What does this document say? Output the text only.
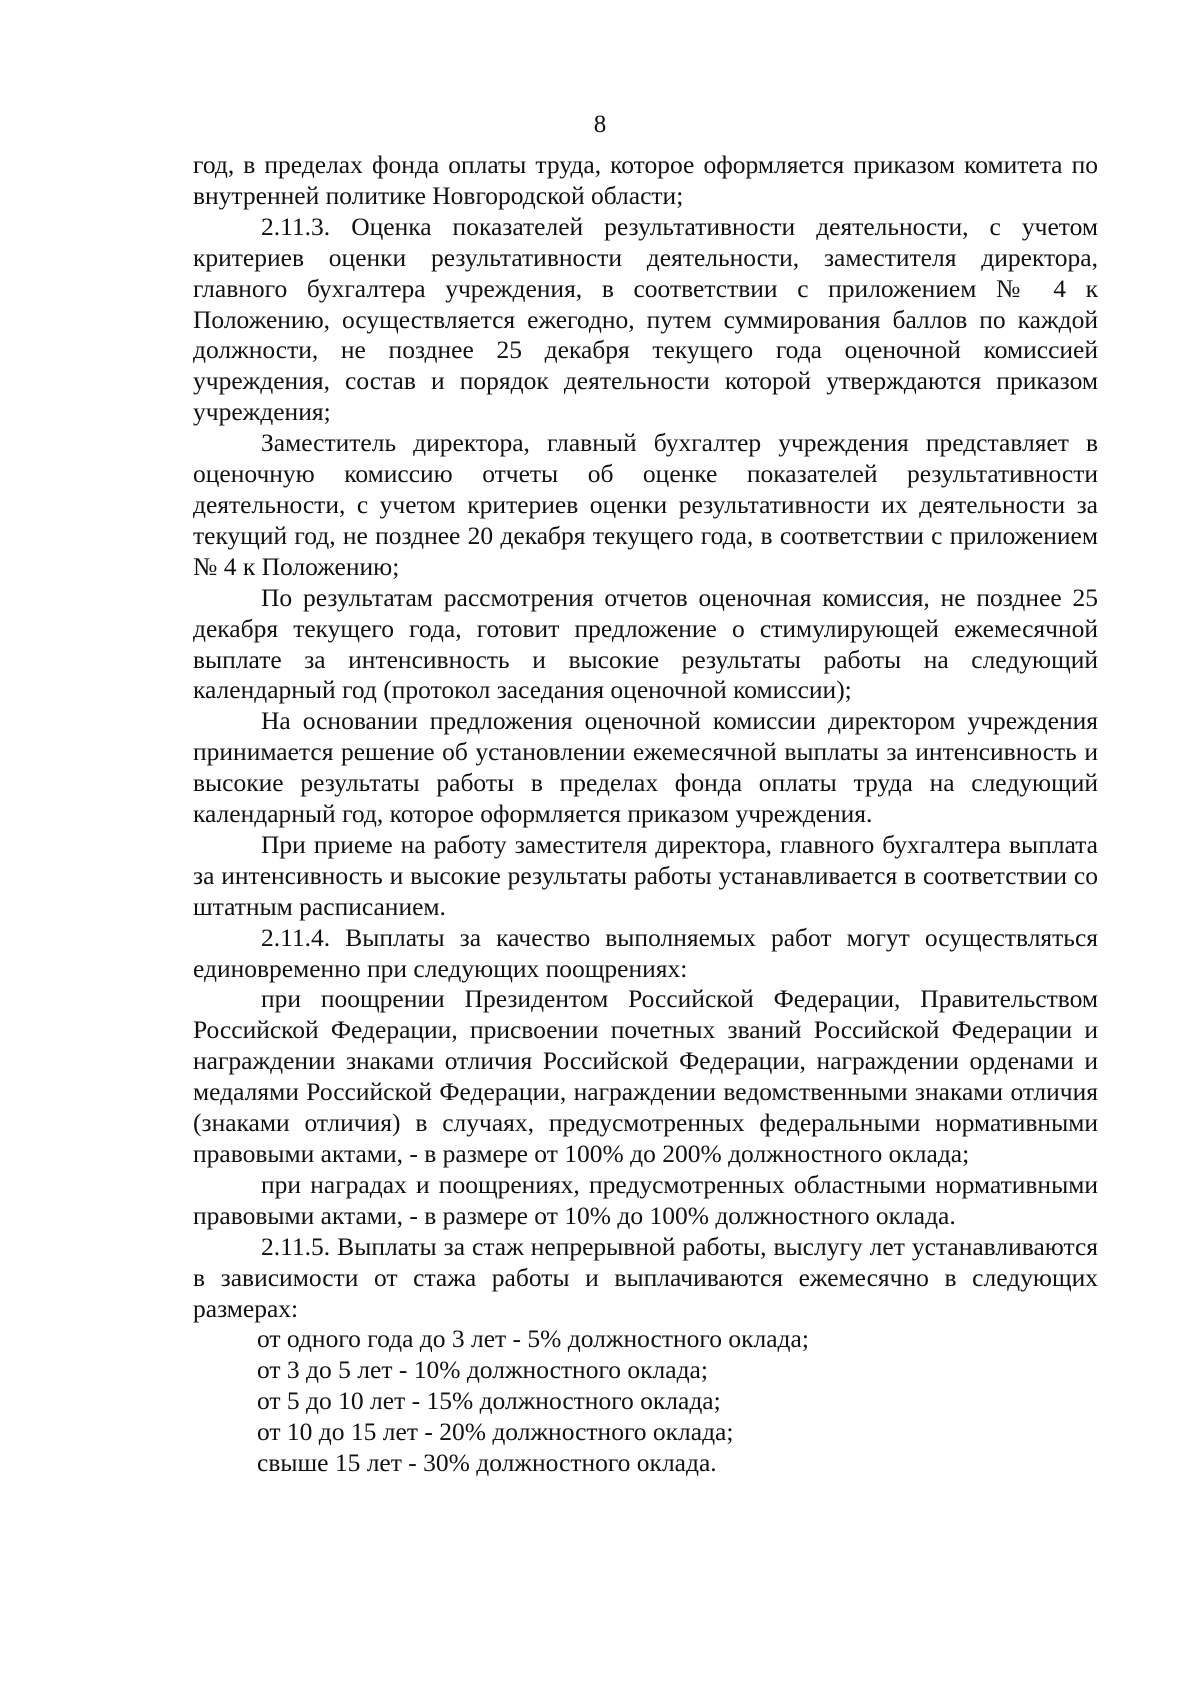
8

год, в пределах фонда оплаты труда, которое оформляется приказом комитета по внутренней политике Новгородской области;

2.11.3. Оценка показателей результативности деятельности, с учетом критериев оценки результативности деятельности, заместителя директора, главного бухгалтера учреждения, в соответствии с приложением № 4 к Положению, осуществляется ежегодно, путем суммирования баллов по каждой должности, не позднее 25 декабря текущего года оценочной комиссией учреждения, состав и порядок деятельности которой утверждаются приказом учреждения;

Заместитель директора, главный бухгалтер учреждения представляет в оценочную комиссию отчеты об оценке показателей результативности деятельности, с учетом критериев оценки результативности их деятельности за текущий год, не позднее 20 декабря текущего года, в соответствии с приложением № 4 к Положению;

По результатам рассмотрения отчетов оценочная комиссия, не позднее 25 декабря текущего года, готовит предложение о стимулирующей ежемесячной выплате за интенсивность и высокие результаты работы на следующий календарный год (протокол заседания оценочной комиссии);

На основании предложения оценочной комиссии директором учреждения принимается решение об установлении ежемесячной выплаты за интенсивность и высокие результаты работы в пределах фонда оплаты труда на следующий календарный год, которое оформляется приказом учреждения.

При приеме на работу заместителя директора, главного бухгалтера выплата за интенсивность и высокие результаты работы устанавливается в соответствии со штатным расписанием.

2.11.4. Выплаты за качество выполняемых работ могут осуществляться единовременно при следующих поощрениях:

при поощрении Президентом Российской Федерации, Правительством Российской Федерации, присвоении почетных званий Российской Федерации и награждении знаками отличия Российской Федерации, награждении орденами и медалями Российской Федерации, награждении ведомственными знаками отличия (знаками отличия) в случаях, предусмотренных федеральными нормативными правовыми актами, - в размере от 100% до 200% должностного оклада;

при наградах и поощрениях, предусмотренных областными нормативными правовыми актами, - в размере от 10% до 100% должностного оклада.

2.11.5. Выплаты за стаж непрерывной работы, выслугу лет устанавливаются в зависимости от стажа работы и выплачиваются ежемесячно в следующих размерах:

от одного года до 3 лет - 5% должностного оклада;

от 3 до 5 лет - 10% должностного оклада;

от 5 до 10 лет - 15% должностного оклада;

от 10 до 15 лет - 20% должностного оклада;

свыше 15 лет - 30% должностного оклада.
